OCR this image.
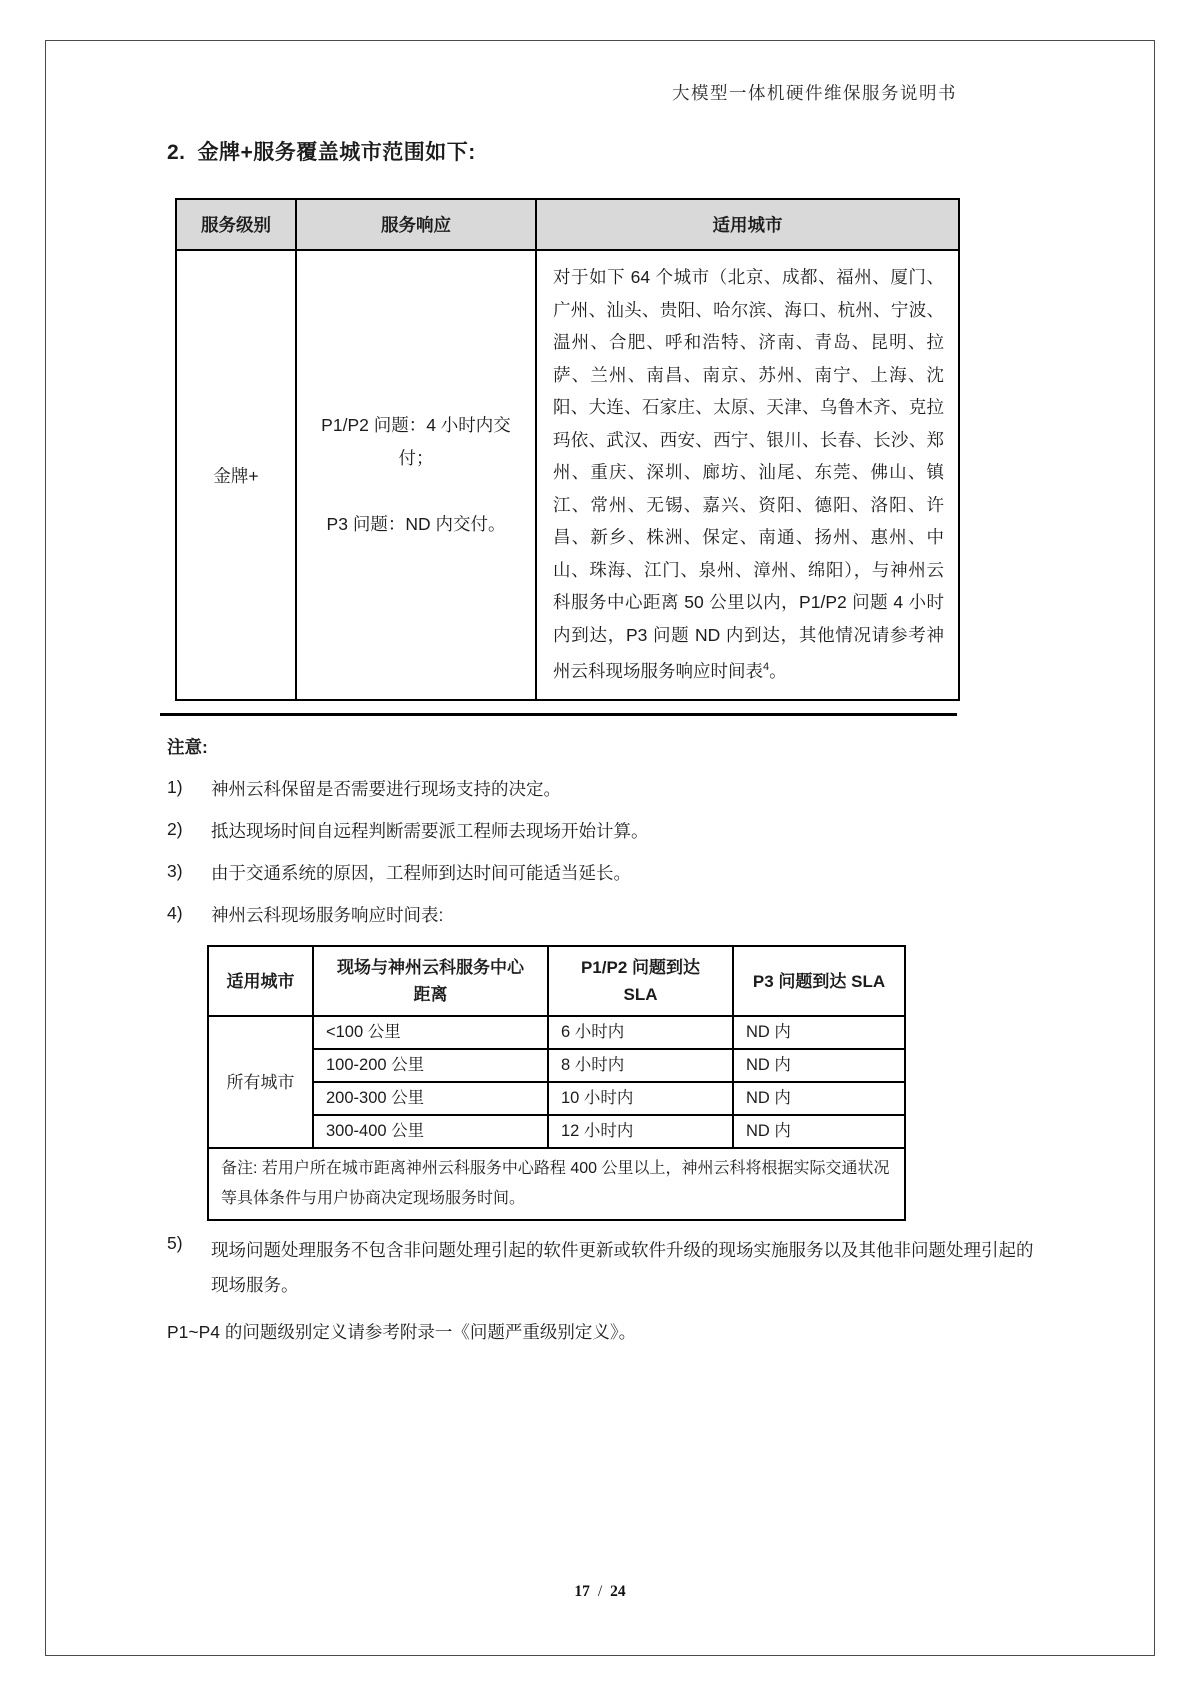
大模型一体机硬件维保服务说明书
2. 金牌+服务覆盖城市范围如下:
服务级别	服务响应	适用城市
金牌+	P1/P2 问题：4 小时内交付；

P3 问题：ND 内交付。	对于如下 64 个城市（北京、成都、福州、厦门、广州、汕头、贵阳、哈尔滨、海口、杭州、宁波、温州、合肥、呼和浩特、济南、青岛、昆明、拉萨、兰州、南昌、南京、苏州、南宁、上海、沈阳、大连、石家庄、太原、天津、乌鲁木齐、克拉玛依、武汉、西安、西宁、银川、长春、长沙、郑州、重庆、深圳、廊坊、汕尾、东莞、佛山、镇江、常州、无锡、嘉兴、资阳、德阳、洛阳、许昌、新乡、株洲、保定、南通、扬州、惠州、中山、珠海、江门、泉州、漳州、绵阳），与神州云科服务中心距离 50 公里以内，P1/P2 问题 4 小时内到达，P3 问题 ND 内到达，其他情况请参考神州云科现场服务响应时间表$^4$。
注意:
1)	神州云科保留是否需要进行现场支持的决定。
2)	抵达现场时间自远程判断需要派工程师去现场开始计算。
3)	由于交通系统的原因，工程师到达时间可能适当延长。
4)	神州云科现场服务响应时间表:
适用城市	现场与神州云科服务中心距离	P1/P2 问题到达 SLA	P3 问题到达 SLA
所有城市	<100 公里	6 小时内	ND 内
	100-200 公里	8 小时内	ND 内
	200-300 公里	10 小时内	ND 内
	300-400 公里	12 小时内	ND 内
备注: 若用户所在城市距离神州云科服务中心路程 400 公里以上，神州云科将根据实际交通状况等具体条件与用户协商决定现场服务时间。			
5)	现场问题处理服务不包含非问题处理引起的软件更新或软件升级的现场实施服务以及其他非问题处理引起的现场服务。
P1~P4 的问题级别定义请参考附录一《问题严重级别定义》。
17 / 24
